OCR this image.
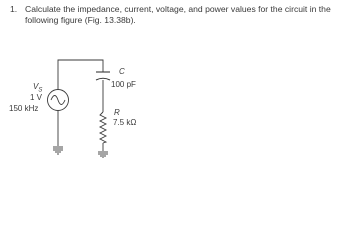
1. Calculate the impedance, current, voltage, and power values for the circuit in the following figure (Fig. 13.38b).
$V_S$
1 V
150 kHz
C
100 pF
R
7.5 kΩ
